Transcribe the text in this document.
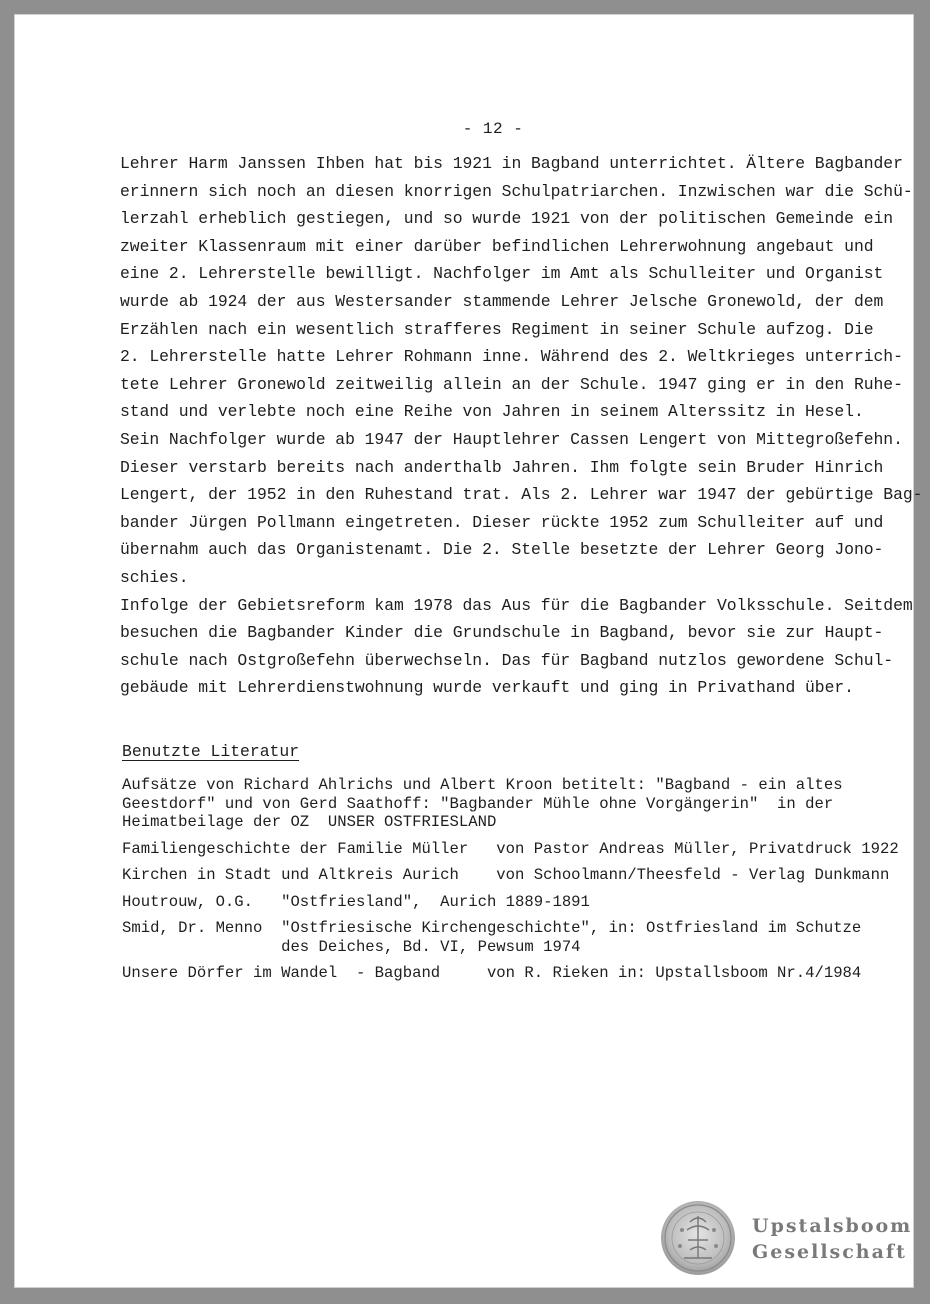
- 12 -
Lehrer Harm Janssen Ihben hat bis 1921 in Bagband unterrichtet. Ältere Bagbander
erinnern sich noch an diesen knorrigen Schulpatriarchen. Inzwischen war die Schü-
lerzahl erheblich gestiegen, und so wurde 1921 von der politischen Gemeinde ein
zweiter Klassenraum mit einer darüber befindlichen Lehrerwohnung angebaut und
eine 2. Lehrerstelle bewilligt. Nachfolger im Amt als Schulleiter und Organist
wurde ab 1924 der aus Westersander stammende Lehrer Jelsche Gronewold, der dem
Erzählen nach ein wesentlich strafferes Regiment in seiner Schule aufzog. Die
2. Lehrerstelle hatte Lehrer Rohmann inne. Während des 2. Weltkrieges unterrich-
tete Lehrer Gronewold zeitweilig allein an der Schule. 1947 ging er in den Ruhe-
stand und verlebte noch eine Reihe von Jahren in seinem Alterssitz in Hesel.
Sein Nachfolger wurde ab 1947 der Hauptlehrer Cassen Lengert von Mittegroßefehn.
Dieser verstarb bereits nach anderthalb Jahren. Ihm folgte sein Bruder Hinrich
Lengert, der 1952 in den Ruhestand trat. Als 2. Lehrer war 1947 der gebürtige Bag-
bander Jürgen Pollmann eingetreten. Dieser rückte 1952 zum Schulleiter auf und
übernahm auch das Organistenamt. Die 2. Stelle besetzte der Lehrer Georg Jono-
schies.
Infolge der Gebietsreform kam 1978 das Aus für die Bagbander Volksschule. Seitdem
besuchen die Bagbander Kinder die Grundschule in Bagband, bevor sie zur Haupt-
schule nach Ostgroßefehn überwechseln. Das für Bagband nutzlos gewordene Schul-
gebäude mit Lehrerdienstwohnung wurde verkauft und ging in Privathand über.
Benutzte Literatur
Aufsätze von Richard Ahlrichs und Albert Kroon betitelt: "Bagband - ein altes
Geestdorf" und von Gerd Saathoff: "Bagbander Mühle ohne Vorgängerin"  in der
Heimatbeilage der OZ  UNSER OSTFRIESLAND
Familiengeschichte der Familie Müller   von Pastor Andreas Müller, Privatdruck 1922
Kirchen in Stadt und Altkreis Aurich    von Schoolmann/Theesfeld - Verlag Dunkmann
Houtrouw, O.G.   "Ostfriesland",  Aurich 1889-1891
Smid, Dr. Menno  "Ostfriesische Kirchengeschichte", in: Ostfriesland im Schutze
des Deiches, Bd. VI, Pewsum 1974
Unsere Dörfer im Wandel  - Bagband     von R. Rieken in: Upstallsboom Nr.4/1984
Upstalsboom
Gesellschaft
